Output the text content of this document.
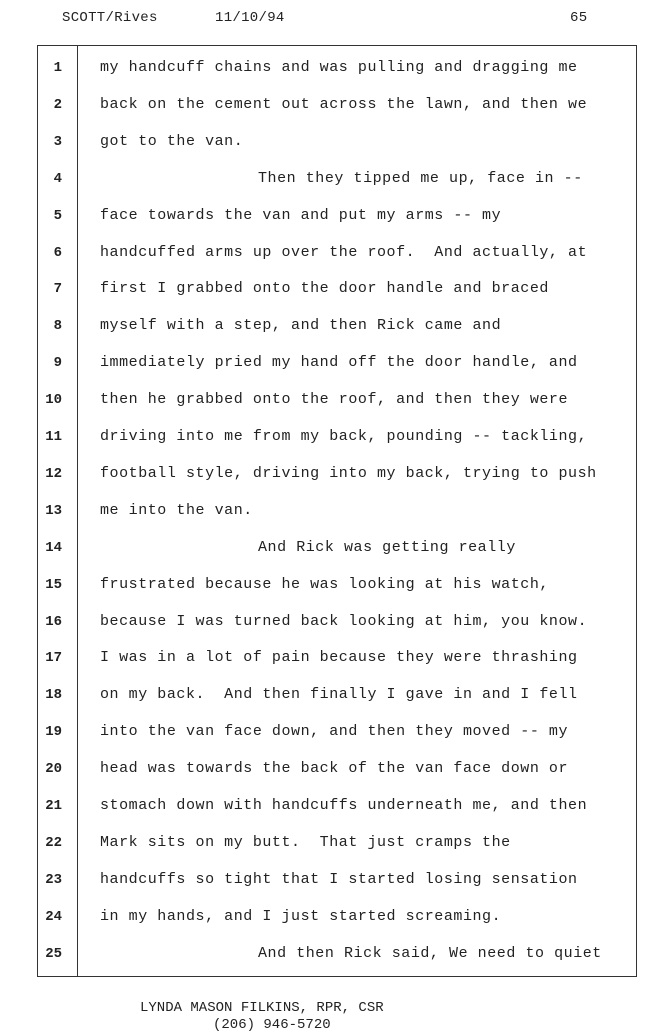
SCOTT/Rives	11/10/94	65
1	my handcuff chains and was pulling and dragging me
2	back on the cement out across the lawn, and then we
3	got to the van.
4	Then they tipped me up, face in --
5	face towards the van and put my arms -- my
6	handcuffed arms up over the roof.  And actually, at
7	first I grabbed onto the door handle and braced
8	myself with a step, and then Rick came and
9	immediately pried my hand off the door handle, and
10	then he grabbed onto the roof, and then they were
11	driving into me from my back, pounding -- tackling,
12	football style, driving into my back, trying to push
13	me into the van.
14	And Rick was getting really
15	frustrated because he was looking at his watch,
16	because I was turned back looking at him, you know.
17	I was in a lot of pain because they were thrashing
18	on my back.  And then finally I gave in and I fell
19	into the van face down, and then they moved -- my
20	head was towards the back of the van face down or
21	stomach down with handcuffs underneath me, and then
22	Mark sits on my butt.  That just cramps the
23	handcuffs so tight that I started losing sensation
24	in my hands, and I just started screaming.
25	And then Rick said, We need to quiet
LYNDA MASON FILKINS, RPR, CSR
(206) 946-5720
